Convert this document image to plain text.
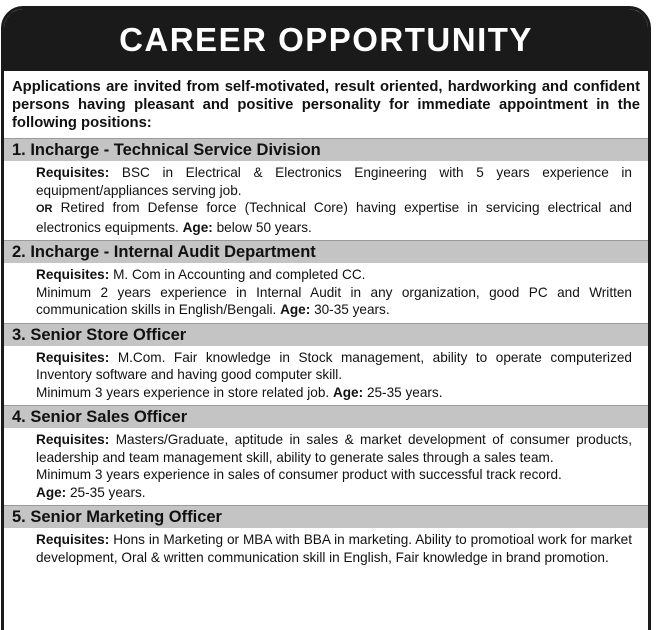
CAREER OPPORTUNITY
Applications are invited from self-motivated, result oriented, hardworking and confident persons having pleasant and positive personality for immediate appointment in the following positions:
1. Incharge - Technical Service Division

Requisites: BSC in Electrical & Electronics Engineering with 5 years experience in equipment/appliances serving job.

OR Retired from Defense force (Technical Core) having expertise in servicing electrical and electronics equipments. Age: below 50 years.

2. Incharge - Internal Audit Department

Requisites: M. Com in Accounting and completed CC.

Minimum 2 years experience in Internal Audit in any organization, good PC and Written communication skills in English/Bengali. Age: 30-35 years.

3. Senior Store Officer

Requisites: M.Com. Fair knowledge in Stock management, ability to operate computerized Inventory software and having good computer skill.

Minimum 3 years experience in store related job. Age: 25-35 years.

4. Senior Sales Officer

Requisites: Masters/Graduate, aptitude in sales & market development of consumer products, leadership and team management skill, ability to generate sales through a sales team.

Minimum 3 years experience in sales of consumer product with successful track record.

Age: 25-35 years.

5. Senior Marketing Officer

Requisites: Hons in Marketing or MBA with BBA in marketing. Ability to promotioal work for market development, Oral & written communication skill in English, Fair knowledge in brand promotion.
